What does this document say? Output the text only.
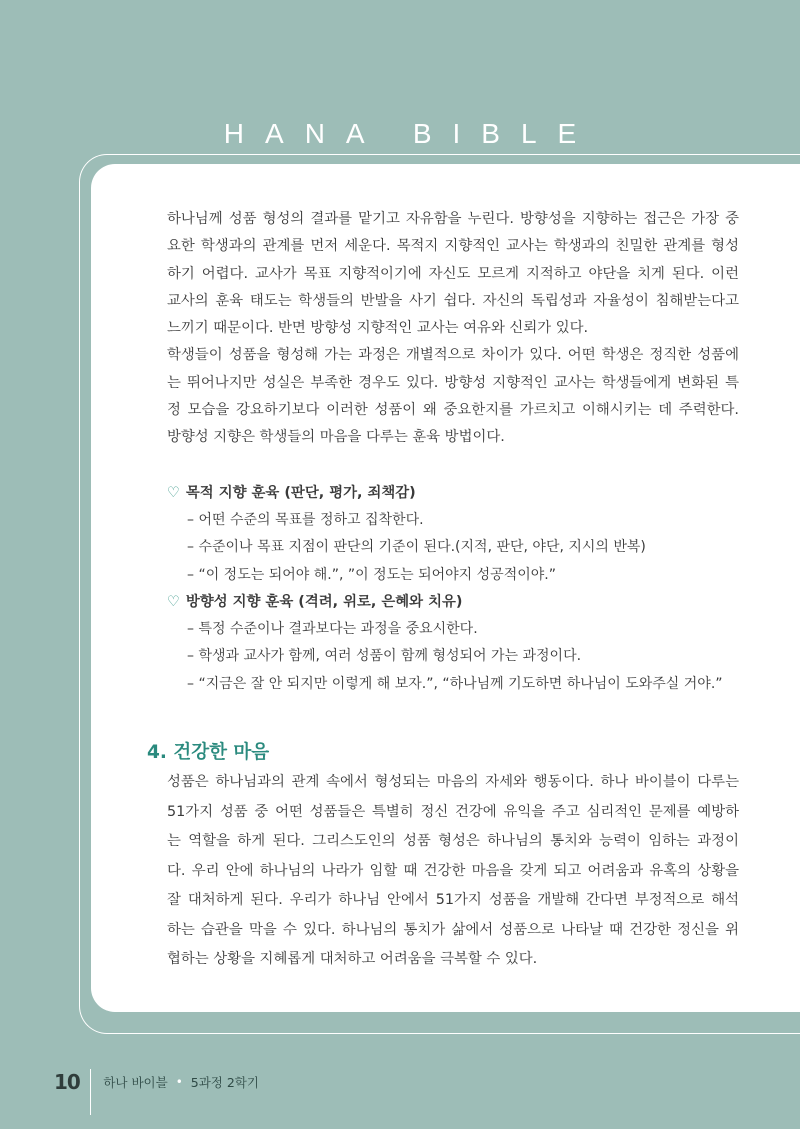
HANA BIBLE
하나님께 성품 형성의 결과를 맡기고 자유함을 누린다. 방향성을 지향하는 접근은 가장 중
요한 학생과의 관계를 먼저 세운다. 목적지 지향적인 교사는 학생과의 친밀한 관계를 형성
하기 어렵다. 교사가 목표 지향적이기에 자신도 모르게 지적하고 야단을 치게 된다. 이런
교사의 훈육 태도는 학생들의 반발을 사기 쉽다. 자신의 독립성과 자율성이 침해받는다고
느끼기 때문이다. 반면 방향성 지향적인 교사는 여유와 신뢰가 있다.
학생들이 성품을 형성해 가는 과정은 개별적으로 차이가 있다. 어떤 학생은 정직한 성품에
는 뛰어나지만 성실은 부족한 경우도 있다. 방향성 지향적인 교사는 학생들에게 변화된 특
정 모습을 강요하기보다 이러한 성품이 왜 중요한지를 가르치고 이해시키는 데 주력한다.
방향성 지향은 학생들의 마음을 다루는 훈육 방법이다.
♡ 목적 지향 훈육 (판단, 평가, 죄책감)
– 어떤 수준의 목표를 정하고 집착한다.
– 수준이나 목표 지점이 판단의 기준이 된다.(지적, 판단, 야단, 지시의 반복)
– “이 정도는 되어야 해.”, ”이 정도는 되어야지 성공적이야.”
♡ 방향성 지향 훈육 (격려, 위로, 은혜와 치유)
– 특정 수준이나 결과보다는 과정을 중요시한다.
– 학생과 교사가 함께, 여러 성품이 함께 형성되어 가는 과정이다.
– “지금은 잘 안 되지만 이렇게 해 보자.”, “하나님께 기도하면 하나님이 도와주실 거야.”
4. 건강한 마음
성품은 하나님과의 관계 속에서 형성되는 마음의 자세와 행동이다. 하나 바이블이 다루는
51가지 성품 중 어떤 성품들은 특별히 정신 건강에 유익을 주고 심리적인 문제를 예방하
는 역할을 하게 된다. 그리스도인의 성품 형성은 하나님의 통치와 능력이 임하는 과정이
다. 우리 안에 하나님의 나라가 임할 때 건강한 마음을 갖게 되고 어려움과 유혹의 상황을
잘 대처하게 된다. 우리가 하나님 안에서 51가지 성품을 개발해 간다면 부정적으로 해석
하는 습관을 막을 수 있다. 하나님의 통치가 삶에서 성품으로 나타날 때 건강한 정신을 위
협하는 상황을 지혜롭게 대처하고 어려움을 극복할 수 있다.
10 하나 바이블 • 5과정 2학기
